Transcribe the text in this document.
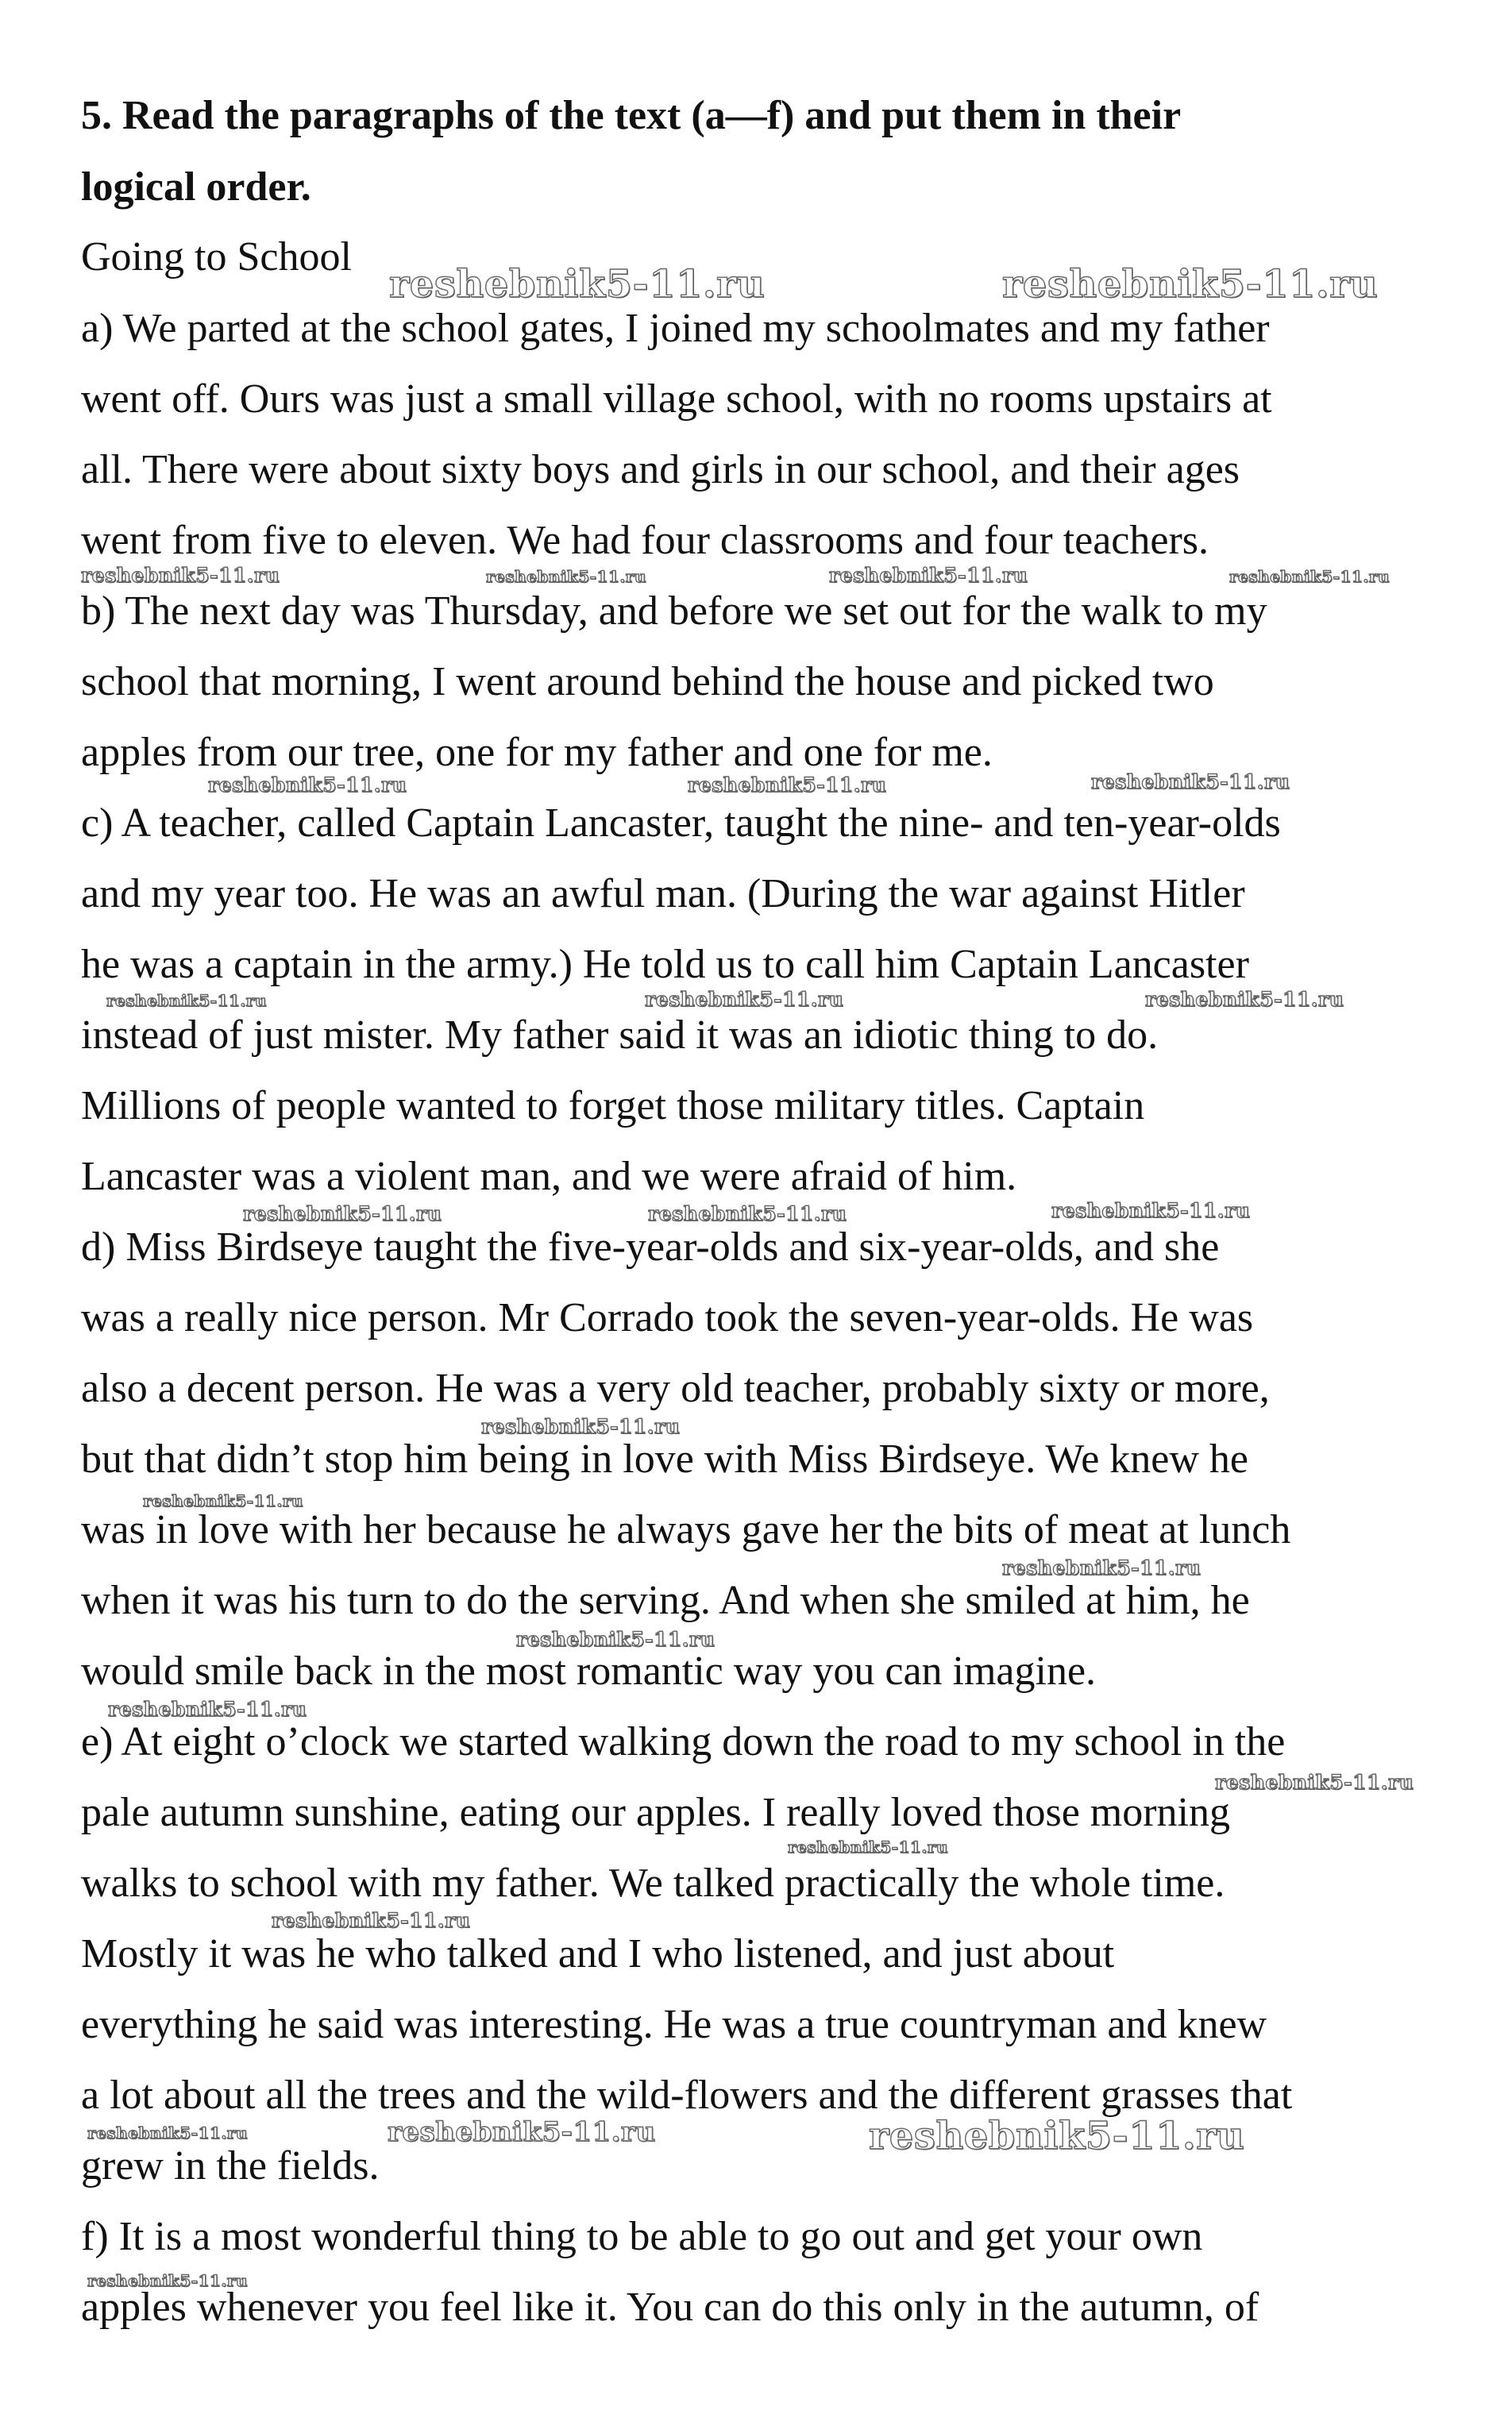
5. Read the paragraphs of the text (a—f) and put them in their

logical order.

Going to School

a) We parted at the school gates, I joined my schoolmates and my father

went off. Ours was just a small village school, with no rooms upstairs at

all. There were about sixty boys and girls in our school, and their ages

went from five to eleven. We had four classrooms and four teachers.

b) The next day was Thursday, and before we set out for the walk to my

school that morning, I went around behind the house and picked two

apples from our tree, one for my father and one for me.

c) A teacher, called Captain Lancaster, taught the nine- and ten-year-olds

and my year too. He was an awful man. (During the war against Hitler

he was a captain in the army.) He told us to call him Captain Lancaster

instead of just mister. My father said it was an idiotic thing to do.

Millions of people wanted to forget those military titles. Captain

Lancaster was a violent man, and we were afraid of him.

d) Miss Birdseye taught the five-year-olds and six-year-olds, and she

was a really nice person. Mr Corrado took the seven-year-olds. He was

also a decent person. He was a very old teacher, probably sixty or more,

but that didn’t stop him being in love with Miss Birdseye. We knew he

was in love with her because he always gave her the bits of meat at lunch

when it was his turn to do the serving. And when she smiled at him, he

would smile back in the most romantic way you can imagine.

e) At eight o’clock we started walking down the road to my school in the

pale autumn sunshine, eating our apples. I really loved those morning

walks to school with my father. We talked practically the whole time.

Mostly it was he who talked and I who listened, and just about

everything he said was interesting. He was a true countryman and knew

a lot about all the trees and the wild-flowers and the different grasses that

grew in the fields.

f) It is a most wonderful thing to be able to go out and get your own

apples whenever you feel like it. You can do this only in the autumn, of

reshebnik5-11.ru	reshebnik5-11.ru
reshebnik5-11.ru	reshebnik5-11.ru	reshebnik5-11.ru	reshebnik5-11.ru
reshebnik5-11.ru	reshebnik5-11.ru	reshebnik5-11.ru
reshebnik5-11.ru	reshebnik5-11.ru	reshebnik5-11.ru
reshebnik5-11.ru	reshebnik5-11.ru	reshebnik5-11.ru
reshebnik5-11.ru
reshebnik5-11.ru
reshebnik5-11.ru
reshebnik5-11.ru
reshebnik5-11.ru
reshebnik5-11.ru
reshebnik5-11.ru
reshebnik5-11.ru
reshebnik5-11.ru	reshebnik5-11.ru	reshebnik5-11.ru
reshebnik5-11.ru
